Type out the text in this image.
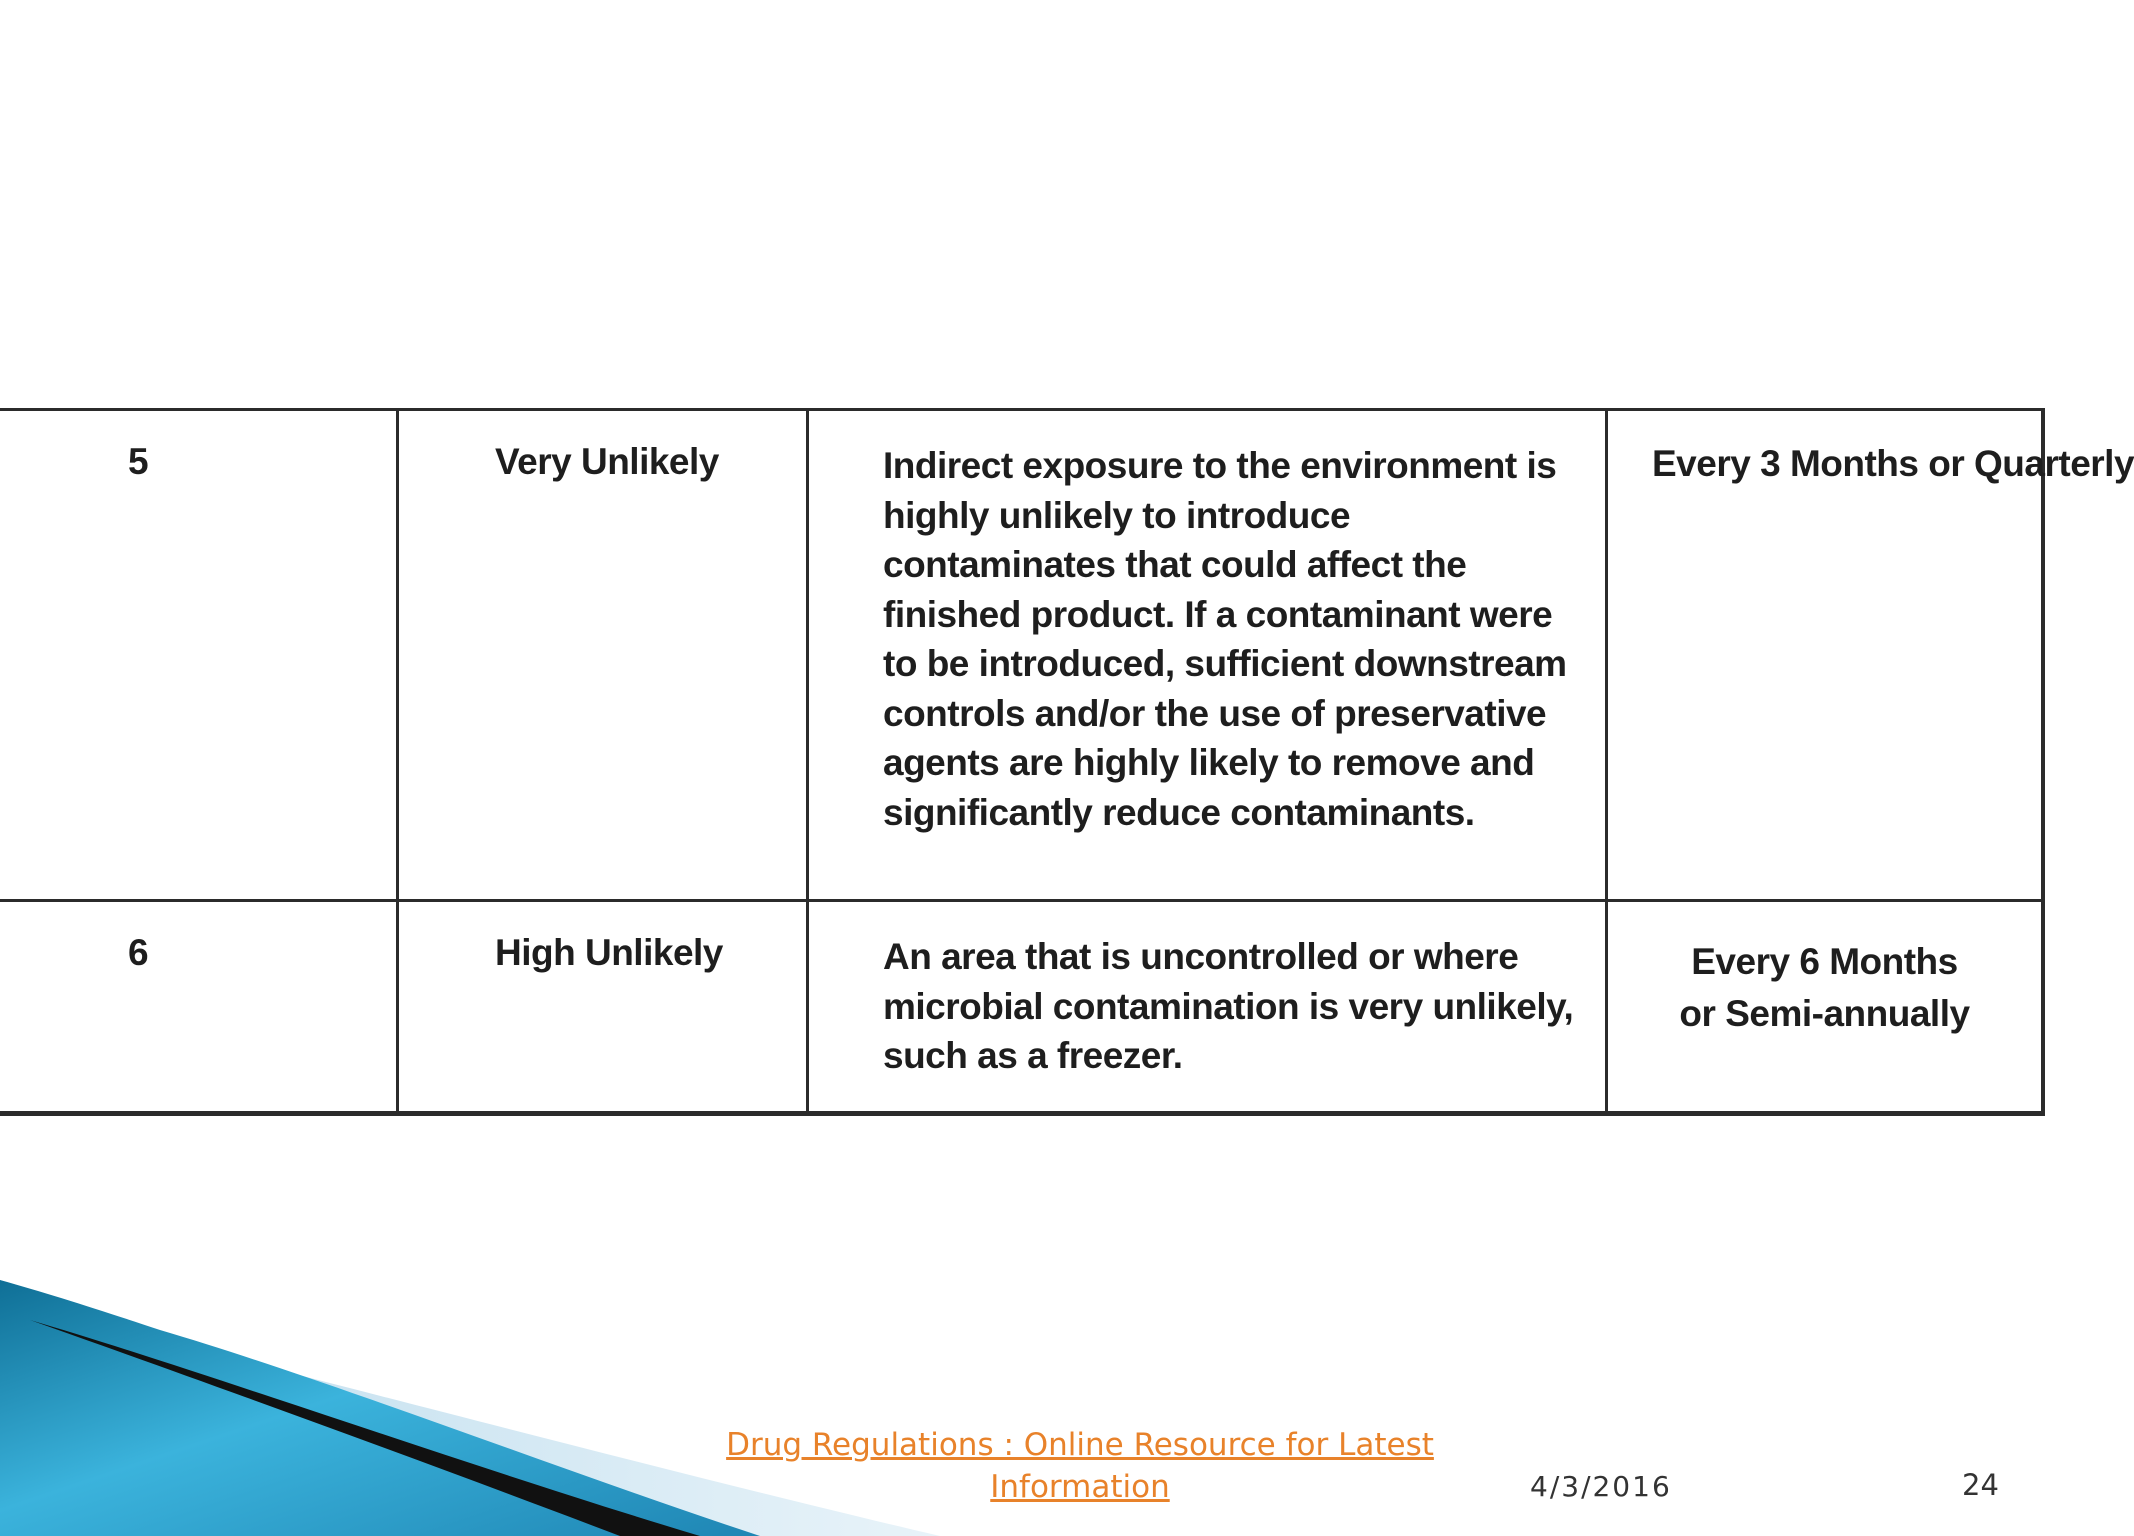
5	Very Unlikely	Indirect exposure to the environment is highly unlikely to introduce contaminates that could affect the finished product. If a contaminant were to be introduced, sufficient downstream controls and/or the use of preservative agents are highly likely to remove and significantly reduce contaminants.	Every 3 Months or Quarterly
6	High Unlikely	An area that is uncontrolled or where microbial contamination is very unlikely, such as a freezer.	Every 6 Months
or Semi-annually
Drug Regulations : Online Resource for Latest
Information	4/3/2016	24
